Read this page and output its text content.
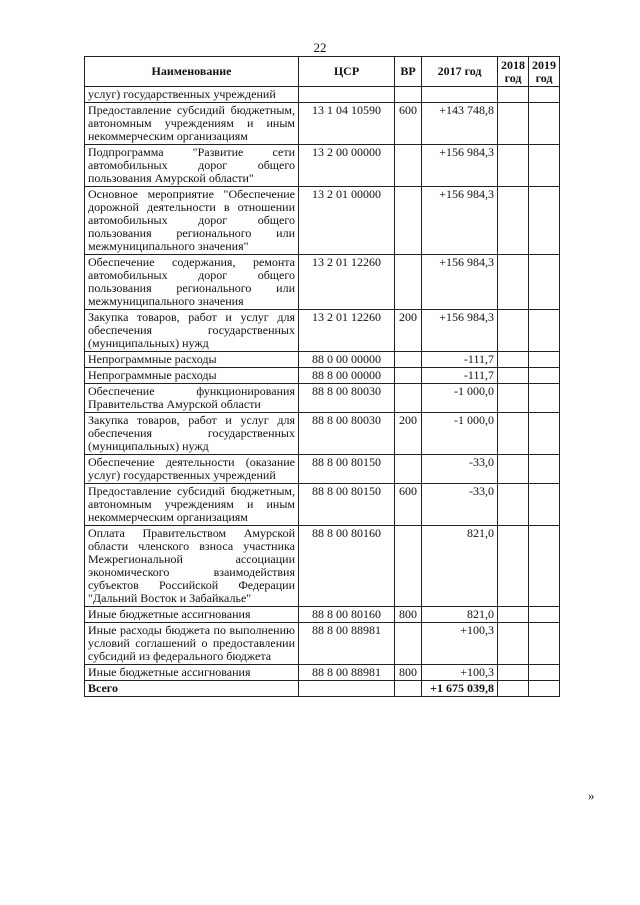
22
Наименование	ЦСР	ВР	2017 год	2018 год	2019 год
услуг) государственных учреждений					
Предоставление субсидий бюджетным, автономным учреждениям и иным некоммерческим организациям	13 1 04 10590	600	+143 748,8		
Подпрограмма "Развитие сети автомобильных дорог общего пользования Амурской области"	13 2 00 00000		+156 984,3		
Основное мероприятие "Обеспечение дорожной деятельности в отношении автомобильных дорог общего пользования регионального или межмуниципального значения"	13 2 01 00000		+156 984,3		
Обеспечение содержания, ремонта автомобильных дорог общего пользования регионального или межмуниципального значения	13 2 01 12260		+156 984,3		
Закупка товаров, работ и услуг для обеспечения государственных (муниципальных) нужд	13 2 01 12260	200	+156 984,3		
Непрограммные расходы	88 0 00 00000		-111,7		
Непрограммные расходы	88 8 00 00000		-111,7		
Обеспечение функционирования Правительства Амурской области	88 8 00 80030		-1 000,0		
Закупка товаров, работ и услуг для обеспечения государственных (муниципальных) нужд	88 8 00 80030	200	-1 000,0		
Обеспечение деятельности (оказание услуг) государственных учреждений	88 8 00 80150		-33,0		
Предоставление субсидий бюджетным, автономным учреждениям и иным некоммерческим организациям	88 8 00 80150	600	-33,0		
Оплата Правительством Амурской области членского взноса участника Межрегиональной ассоциации экономического взаимодействия субъектов Российской Федерации "Дальний Восток и Забайкалье"	88 8 00 80160		821,0		
Иные бюджетные ассигнования	88 8 00 80160	800	821,0		
Иные расходы бюджета по выполнению условий соглашений о предоставлении субсидий из федерального бюджета	88 8 00 88981		+100,3		
Иные бюджетные ассигнования	88 8 00 88981	800	+100,3		
Всего			+1 675 039,8		
»
